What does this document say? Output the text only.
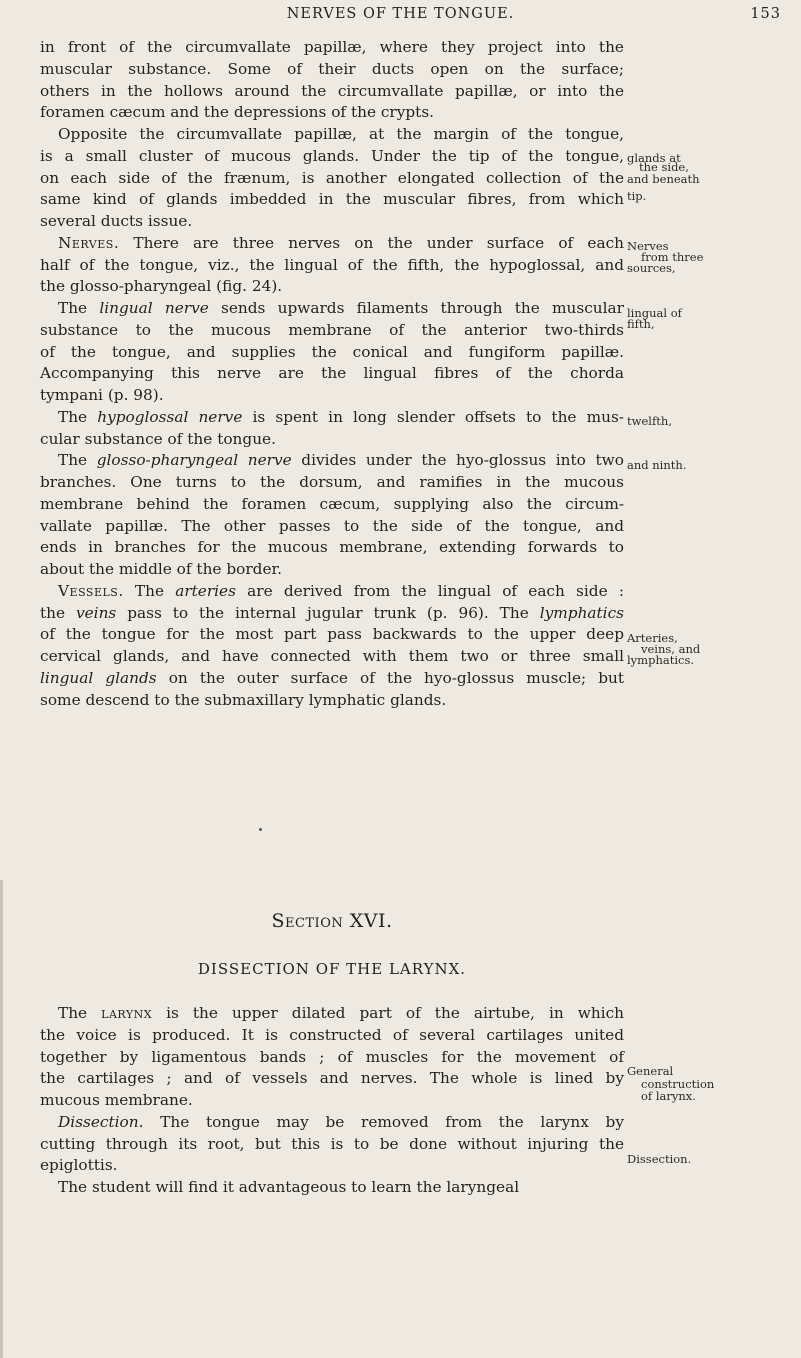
NERVES OF THE TONGUE.	153

in front of the circumvallate papillæ, where they project into the
muscular substance. Some of their ducts open on the surface;
others in the hollows around the circumvallate papillæ, or into the
foramen cæcum and the depressions of the crypts.

Opposite the circumvallate papillæ, at the margin of the tongue,
is a small cluster of mucous glands. Under the tip of the tongue,
on each side of the frænum, is another elongated collection of the
same kind of glands imbedded in the muscular fibres, from which
several ducts issue.

Nerves. There are three nerves on the under surface of each
half of the tongue, viz., the lingual of the fifth, the hypoglossal, and
the glosso-pharyngeal (fig. 24).

The lingual nerve sends upwards filaments through the muscular
substance to the mucous membrane of the anterior two-thirds
of the tongue, and supplies the conical and fungiform papillæ.
Accompanying this nerve are the lingual fibres of the chorda
tympani (p. 98).

The hypoglossal nerve is spent in long slender offsets to the mus-
cular substance of the tongue.

The glosso-pharyngeal nerve divides under the hyo-glossus into two
branches. One turns to the dorsum, and ramifies in the mucous
membrane behind the foramen cæcum, supplying also the circum-
vallate papillæ. The other passes to the side of the tongue, and
ends in branches for the mucous membrane, extending forwards to
about the middle of the border.

Vessels. The arteries are derived from the lingual of each side :
the veins pass to the internal jugular trunk (p. 96). The lymphatics
of the tongue for the most part pass backwards to the upper deep
cervical glands, and have connected with them two or three small
lingual glands on the outer surface of the hyo-glossus muscle; but
some descend to the submaxillary lymphatic glands.

Section XVI.
DISSECTION OF THE LARYNX.

The larynx is the upper dilated part of the airtube, in which
the voice is produced. It is constructed of several cartilages united
together by ligamentous bands ; of muscles for the movement of
the cartilages ; and of vessels and nerves. The whole is lined by
mucous membrane.

Dissection. The tongue may be removed from the larynx by
cutting through its root, but this is to be done without injuring the
epiglottis.

The student will find it advantageous to learn the laryngeal

glands at
the side,
and beneath
tip.
Nerves
from three
sources,
lingual of
fifth,
twelfth,
and ninth.
Arteries,
veins, and
lymphatics.
General
construction
of larynx.
Dissection.
